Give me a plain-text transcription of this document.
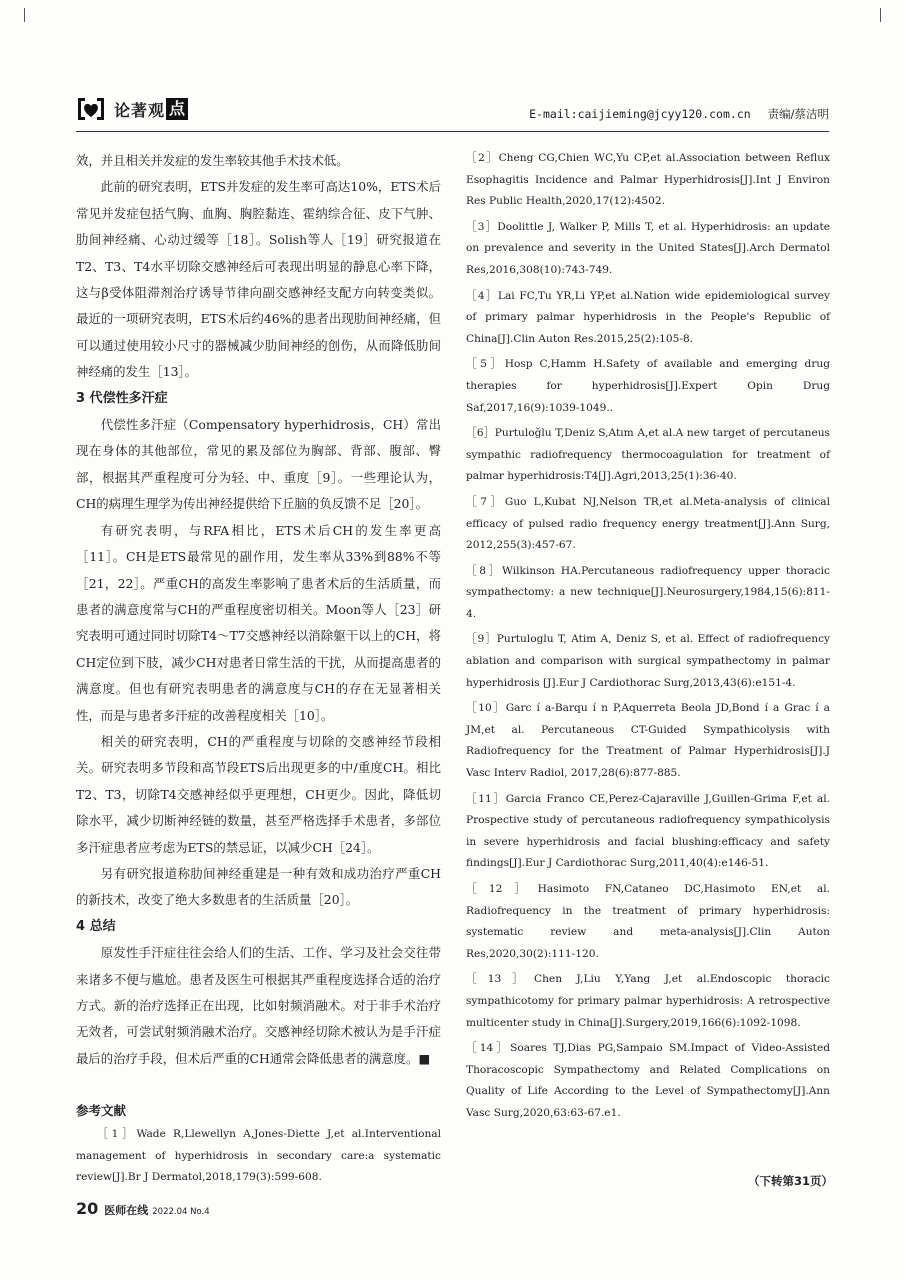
论著观 点	E-mail:caijieming@jcyy120.com.cn 责编/蔡洁明

效，并且相关并发症的发生率较其他手术技术低。

此前的研究表明，ETS并发症的发生率可高达10%，ETS术后常见并发症包括气胸、血胸、胸腔黏连、霍纳综合征、皮下气肿、肋间神经痛、心动过缓等［18］。Solish等人［19］研究报道在T2、T3、T4水平切除交感神经后可表现出明显的静息心率下降，这与β受体阻滞剂治疗诱导节律向副交感神经支配方向转变类似。最近的一项研究表明，ETS术后约46%的患者出现肋间神经痛，但可以通过使用较小尺寸的器械减少肋间神经的创伤，从而降低肋间神经痛的发生［13］。

3 代偿性多汗症

代偿性多汗症（Compensatory hyperhidrosis，CH）常出现在身体的其他部位，常见的累及部位为胸部、背部、腹部、臀部，根据其严重程度可分为轻、中、重度［9］。一些理论认为，CH的病理生理学为传出神经提供给下丘脑的负反馈不足［20］。

有研究表明，与RFA相比，ETS术后CH的发生率更高［11］。CH是ETS最常见的副作用，发生率从33%到88%不等［21，22］。严重CH的高发生率影响了患者术后的生活质量，而患者的满意度常与CH的严重程度密切相关。Moon等人［23］研究表明可通过同时切除T4～T7交感神经以消除躯干以上的CH，将CH定位到下肢，减少CH对患者日常生活的干扰，从而提高患者的满意度。但也有研究表明患者的满意度与CH的存在无显著相关性，而是与患者多汗症的改善程度相关［10］。

相关的研究表明，CH的严重程度与切除的交感神经节段相关。研究表明多节段和高节段ETS后出现更多的中/重度CH。相比T2、T3，切除T4交感神经似乎更理想，CH更少。因此，降低切除水平，减少切断神经链的数量，甚至严格选择手术患者，多部位多汗症患者应考虑为ETS的禁忌证，以减少CH［24］。

另有研究报道称肋间神经重建是一种有效和成功治疗严重CH的新技术，改变了绝大多数患者的生活质量［20］。

4 总结

原发性手汗症往往会给人们的生活、工作、学习及社会交往带来诸多不便与尴尬。患者及医生可根据其严重程度选择合适的治疗方式。新的治疗选择正在出现，比如射频消融术。对于非手术治疗无效者，可尝试射频消融术治疗。交感神经切除术被认为是手汗症最后的治疗手段，但术后严重的CH通常会降低患者的满意度。■

参考文献

［1］Wade R,Llewellyn A,Jones-Diette J,et al.Interventional management of hyperhidrosis in secondary care:a systematic review[J].Br J Dermatol,2018,179(3):599-608.

［2］Cheng CG,Chien WC,Yu CP,et al.Association between Reflux Esophagitis Incidence and Palmar Hyperhidrosis[J].Int J Environ Res Public Health,2020,17(12):4502.

［3］Doolittle J, Walker P, Mills T, et al. Hyperhidrosis: an update on prevalence and severity in the United States[J].Arch Dermatol Res,2016,308(10):743-749.

［4］Lai FC,Tu YR,Li YP,et al.Nation wide epidemiological survey of primary palmar hyperhidrosis in the People's Republic of China[J].Clin Auton Res.2015,25(2):105-8.

［5］Hosp C,Hamm H.Safety of available and emerging drug therapies for hyperhidrosis[J].Expert Opin Drug Saf,2017,16(9):1039-1049..

［6］Purtuloğlu T,Deniz S,Atım A,et al.A new target of percutaneus sympathic radiofrequency thermocoagulation for treatment of palmar hyperhidrosis:T4[J].Agri,2013,25(1):36-40.

［7］Guo L,Kubat NJ,Nelson TR,et al.Meta-analysis of clinical efficacy of pulsed radio frequency energy treatment[J].Ann Surg, 2012,255(3):457-67.

［8］Wilkinson HA.Percutaneous radiofrequency upper thoracic sympathectomy: a new technique[J].Neurosurgery,1984,15(6):811-4.

［9］Purtuloglu T, Atim A, Deniz S, et al. Effect of radiofrequency ablation and comparison with surgical sympathectomy in palmar hyperhidrosis [J].Eur J Cardiothorac Surg,2013,43(6):e151-4.

［10］Garc í a-Barqu í n P,Aquerreta Beola JD,Bond í a Grac í a JM,et al. Percutaneous CT-Guided Sympathicolysis with Radiofrequency for the Treatment of Palmar Hyperhidrosis[J].J Vasc Interv Radiol, 2017,28(6):877-885.

［11］Garcia Franco CE,Perez-Cajaraville J,Guillen-Grima F,et al. Prospective study of percutaneous radiofrequency sympathicolysis in severe hyperhidrosis and facial blushing:efficacy and safety findings[J].Eur J Cardiothorac Surg,2011,40(4):e146-51.

［12］Hasimoto FN,Cataneo DC,Hasimoto EN,et al. Radiofrequency in the treatment of primary hyperhidrosis: systematic review and meta-analysis[J].Clin Auton Res,2020,30(2):111-120.

［13］Chen J,Liu Y,Yang J,et al.Endoscopic thoracic sympathicotomy for primary palmar hyperhidrosis: A retrospective multicenter study in China[J].Surgery,2019,166(6):1092-1098.

［14］Soares TJ,Dias PG,Sampaio SM.Impact of Video-Assisted Thoracoscopic Sympathectomy and Related Complications on Quality of Life According to the Level of Sympathectomy[J].Ann Vasc Surg,2020,63:63-67.e1.

（下转第31页）
20 医师在线 2022.04 No.4
